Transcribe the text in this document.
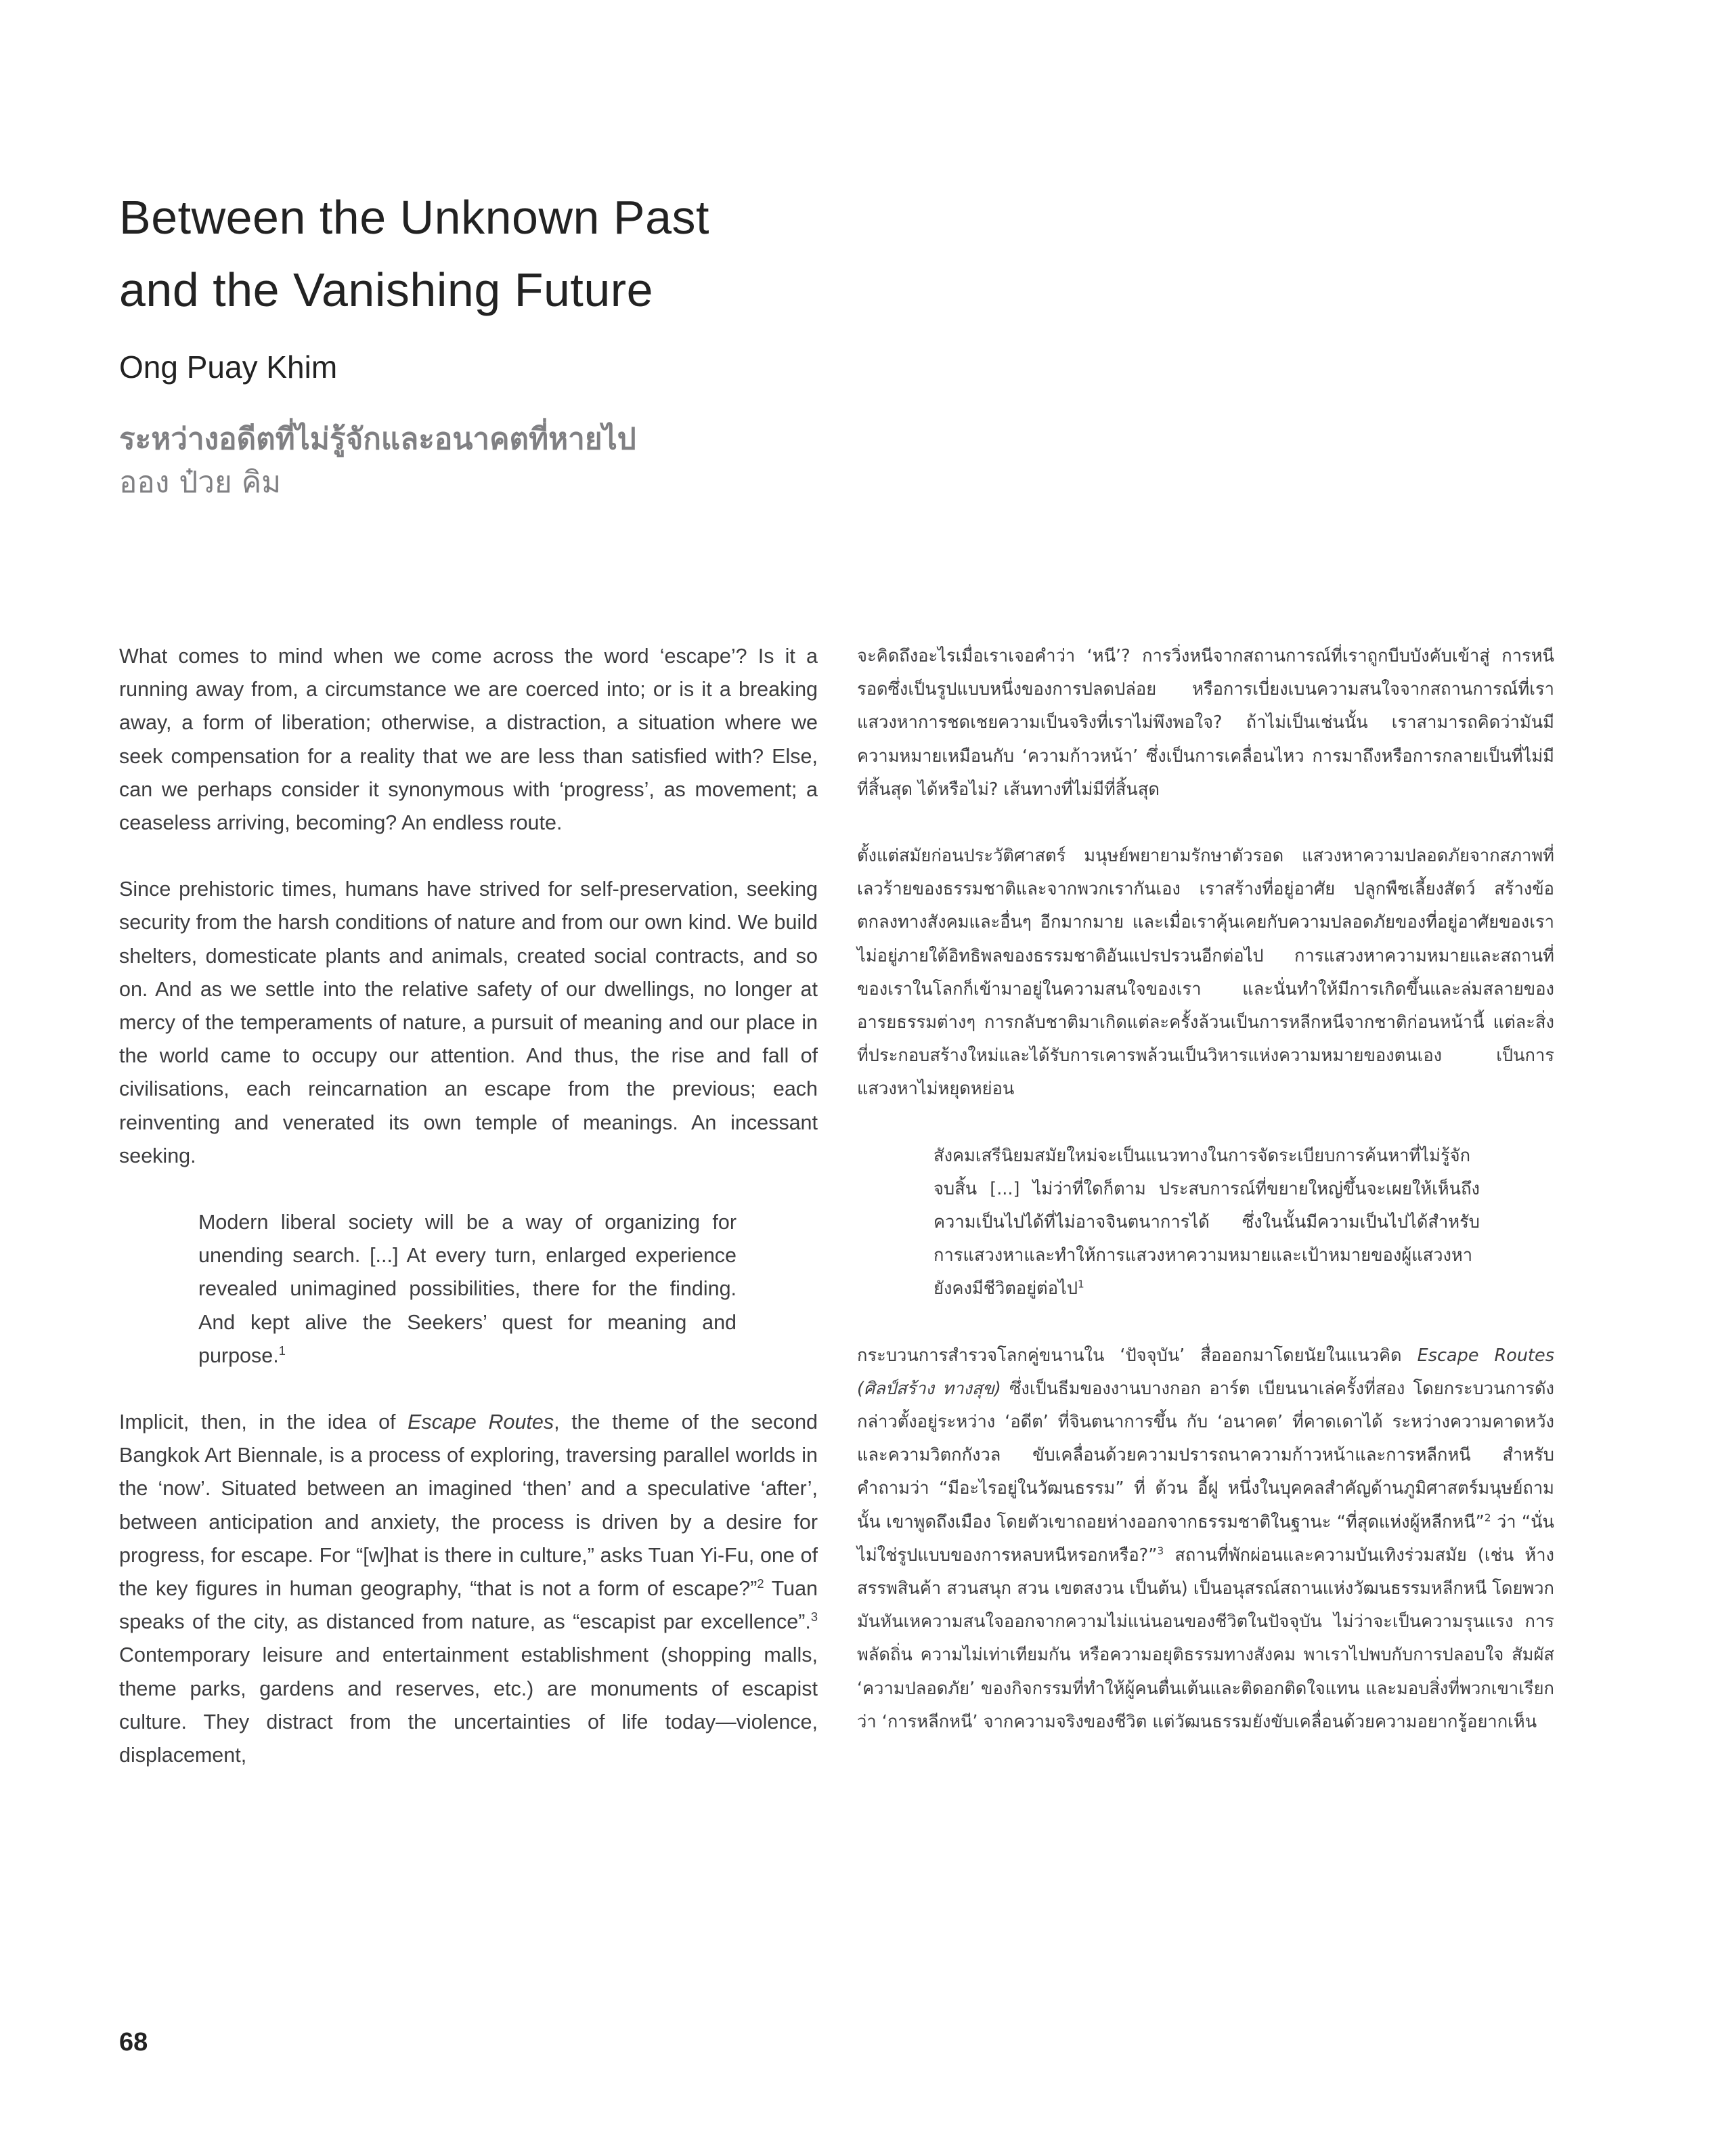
Between the Unknown Past
and the Vanishing Future
Ong Puay Khim
ระหว่างอดีตที่ไม่รู้จักและอนาคตที่หายไป
ออง ป๋วย คิม

What comes to mind when we come across the word ‘escape’? Is it a running away from, a circumstance we are coerced into; or is it a breaking away, a form of liberation; otherwise, a distraction, a situation where we seek compensation for a reality that we are less than satisfied with? Else, can we perhaps consider it synonymous with ‘progress’, as movement; a ceaseless arriving, becoming? An endless route.

Since prehistoric times, humans have strived for self-preservation, seeking security from the harsh conditions of nature and from our own kind. We build shelters, domesticate plants and animals, created social contracts, and so on. And as we settle into the relative safety of our dwellings, no longer at mercy of the temperaments of nature, a pursuit of meaning and our place in the world came to occupy our attention. And thus, the rise and fall of civilisations, each reincarnation an escape from the previous; each reinventing and venerated its own temple of meanings. An incessant seeking.

Modern liberal society will be a way of organizing for unending search. [...] At every turn, enlarged experience revealed unimagined possibilities, there for the finding. And kept alive the Seekers’ quest for meaning and purpose.$^1$

Implicit, then, in the idea of Escape Routes, the theme of the second Bangkok Art Biennale, is a process of exploring, traversing parallel worlds in the ‘now’. Situated between an imagined ‘then’ and a speculative ‘after’, between anticipation and anxiety, the process is driven by a desire for progress, for escape. For “[w]hat is there in culture,” asks Tuan Yi-Fu, one of the key figures in human geography, “that is not a form of escape?”$^2$ Tuan speaks of the city, as distanced from nature, as “escapist par excellence”.$^3$ Contemporary leisure and entertainment establishment (shopping malls, theme parks, gardens and reserves, etc.) are monuments of escapist culture. They distract from the uncertainties of life today—violence, displacement,

จะคิดถึงอะไรเมื่อเราเจอคำว่า ‘หนี’? การวิ่งหนีจากสถานการณ์ที่เราถูกบีบบังคับเข้าสู่ การหนีรอดซึ่งเป็นรูปแบบหนึ่งของการปลดปล่อย หรือการเบี่ยงเบนความสนใจจากสถานการณ์ที่เราแสวงหาการชดเชยความเป็นจริงที่เราไม่พึงพอใจ? ถ้าไม่เป็นเช่นนั้น เราสามารถคิดว่ามันมีความหมายเหมือนกับ ‘ความก้าวหน้า’ ซึ่งเป็นการเคลื่อนไหว การมาถึงหรือการกลายเป็นที่ไม่มีที่สิ้นสุด ได้หรือไม่? เส้นทางที่ไม่มีที่สิ้นสุด

ตั้งแต่สมัยก่อนประวัติศาสตร์ มนุษย์พยายามรักษาตัวรอด แสวงหาความปลอดภัยจากสภาพที่เลวร้ายของธรรมชาติและจากพวกเรากันเอง เราสร้างที่อยู่อาศัย ปลูกพืชเลี้ยงสัตว์ สร้างข้อตกลงทางสังคมและอื่นๆ อีกมากมาย และเมื่อเราคุ้นเคยกับความปลอดภัยของที่อยู่อาศัยของเราไม่อยู่ภายใต้อิทธิพลของธรรมชาติอันแปรปรวนอีกต่อไป การแสวงหาความหมายและสถานที่ของเราในโลกก็เข้ามาอยู่ในความสนใจของเรา และนั่นทำให้มีการเกิดขึ้นและล่มสลายของอารยธรรมต่างๆ การกลับชาติมาเกิดแต่ละครั้งล้วนเป็นการหลีกหนีจากชาติก่อนหน้านี้ แต่ละสิ่งที่ประกอบสร้างใหม่และได้รับการเคารพล้วนเป็นวิหารแห่งความหมายของตนเอง เป็นการแสวงหาไม่หยุดหย่อน

สังคมเสรีนิยมสมัยใหม่จะเป็นแนวทางในการจัดระเบียบการค้นหาที่ไม่รู้จักจบสิ้น [...] ไม่ว่าที่ใดก็ตาม ประสบการณ์ที่ขยายใหญ่ขึ้นจะเผยให้เห็นถึงความเป็นไปได้ที่ไม่อาจจินตนาการได้ ซึ่งในนั้นมีความเป็นไปได้สำหรับการแสวงหาและทำให้การแสวงหาความหมายและเป้าหมายของผู้แสวงหายังคงมีชีวิตอยู่ต่อไป$^1$

กระบวนการสำรวจโลกคู่ขนานใน ‘ปัจจุบัน’ สื่อออกมาโดยนัยในแนวคิด Escape Routes (ศิลป์สร้าง ทางสุข) ซึ่งเป็นธีมของงานบางกอก อาร์ต เบียนนาเล่ครั้งที่สอง โดยกระบวนการดังกล่าวตั้งอยู่ระหว่าง ‘อดีต’ ที่จินตนาการขึ้น กับ ‘อนาคต’ ที่คาดเดาได้ ระหว่างความคาดหวังและความวิตกกังวล ขับเคลื่อนด้วยความปรารถนาความก้าวหน้าและการหลีกหนี สำหรับคำถามว่า “มีอะไรอยู่ในวัฒนธรรม” ที่ ต้วน อี้ฝู หนึ่งในบุคคลสำคัญด้านภูมิศาสตร์มนุษย์ถามนั้น เขาพูดถึงเมือง โดยตัวเขาถอยห่างออกจากธรรมชาติในฐานะ “ที่สุดแห่งผู้หลีกหนี”$^2$ ว่า “นั่นไม่ใช่รูปแบบของการหลบหนีหรอกหรือ?”$^3$ สถานที่พักผ่อนและความบันเทิงร่วมสมัย (เช่น ห้างสรรพสินค้า สวนสนุก สวน เขตสงวน เป็นต้น) เป็นอนุสรณ์สถานแห่งวัฒนธรรมหลีกหนี โดยพวกมันหันเหความสนใจออกจากความไม่แน่นอนของชีวิตในปัจจุบัน ไม่ว่าจะเป็นความรุนแรง การพลัดถิ่น ความไม่เท่าเทียมกัน หรือความอยุติธรรมทางสังคม พาเราไปพบกับการปลอบใจ สัมผัส ‘ความปลอดภัย’ ของกิจกรรมที่ทำให้ผู้คนตื่นเต้นและติดอกติดใจแทน และมอบสิ่งที่พวกเขาเรียกว่า ‘การหลีกหนี’ จากความจริงของชีวิต แต่วัฒนธรรมยังขับเคลื่อนด้วยความอยากรู้อยากเห็น

68
